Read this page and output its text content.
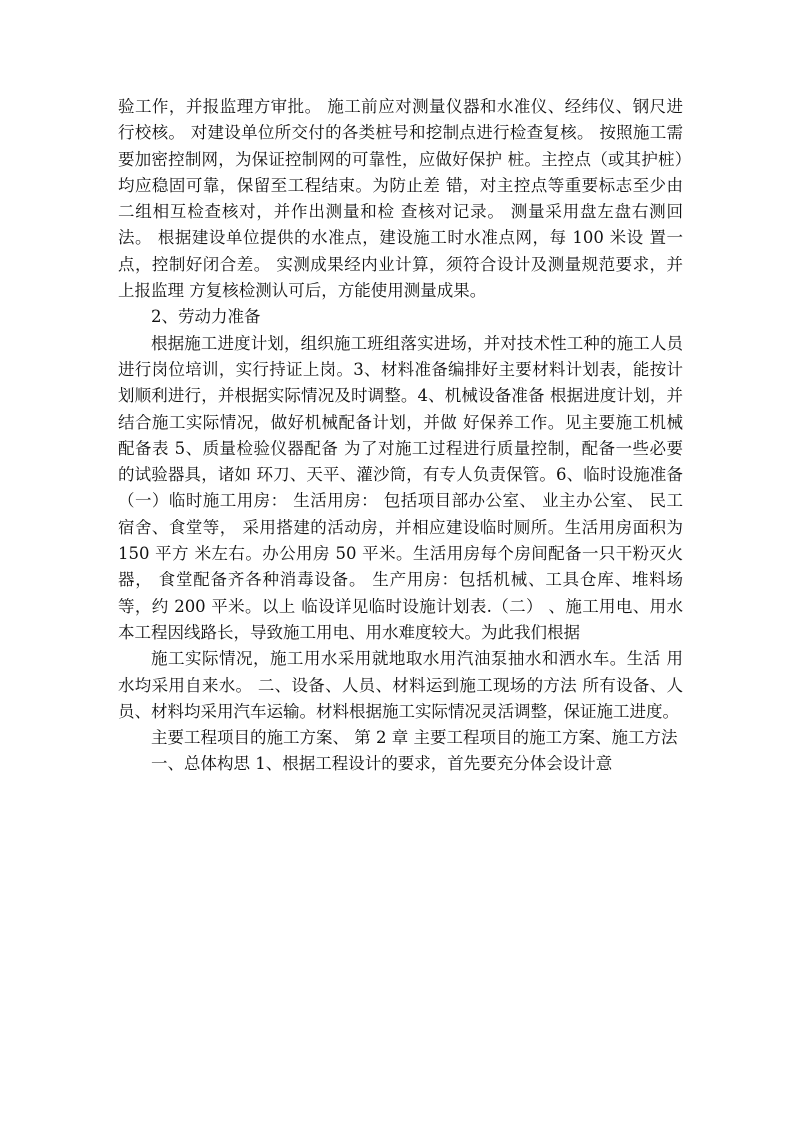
验工作，并报监理方审批。 施工前应对测量仪器和水准仪、经纬仪、钢尺进行校核。 对建设单位所交付的各类桩号和挖制点进行检查复核。 按照施工需要加密控制网，为保证控制网的可靠性，应做好保护 桩。主控点（或其护桩）均应稳固可靠，保留至工程结束。为防止差 错，对主控点等重要标志至少由二组相互检查核对，并作出测量和检 查核对记录。 测量采用盘左盘右测回法。 根据建设单位提供的水准点，建设施工时水准点网，每 100 米设 置一点，控制好闭合差。 实测成果经内业计算，须符合设计及测量规范要求，并上报监理 方复核检测认可后，方能使用测量成果。

2、劳动力准备

根据施工进度计划，组织施工班组落实进场，并对技术性工种的施工人员进行岗位培训，实行持证上岗。3、材料准备编排好主要材料计划表，能按计划顺利进行，并根据实际情况及时调整。4、机械设备准备 根据进度计划，并结合施工实际情况，做好机械配备计划，并做 好保养工作。见主要施工机械配备表 5、质量检验仪器配备 为了对施工过程进行质量控制，配备一些必要的试验器具，诸如 环刀、天平、灌沙筒，有专人负责保管。6、临时设施准备（一）临时施工用房： 生活用房： 包括项目部办公室、 业主办公室、 民工宿舍、食堂等， 采用搭建的活动房，并相应建设临时厕所。生活用房面积为 150 平方 米左右。办公用房 50 平米。生活用房每个房间配备一只干粉灭火器， 食堂配备齐各种消毒设备。 生产用房：包括机械、工具仓库、堆料场等，约 200 平米。以上 临设详见临时设施计划表.（二） 、施工用电、用水 本工程因线路长，导致施工用电、用水难度较大。为此我们根据

施工实际情况，施工用水采用就地取水用汽油泵抽水和洒水车。生活 用水均采用自来水。 二、设备、人员、材料运到施工现场的方法 所有设备、人员、材料均采用汽车运输。材料根据施工实际情况灵活调整，保证施工进度。

主要工程项目的施工方案、 第 2 章 主要工程项目的施工方案、施工方法

一、总体构思 1、根据工程设计的要求，首先要充分体会设计意
